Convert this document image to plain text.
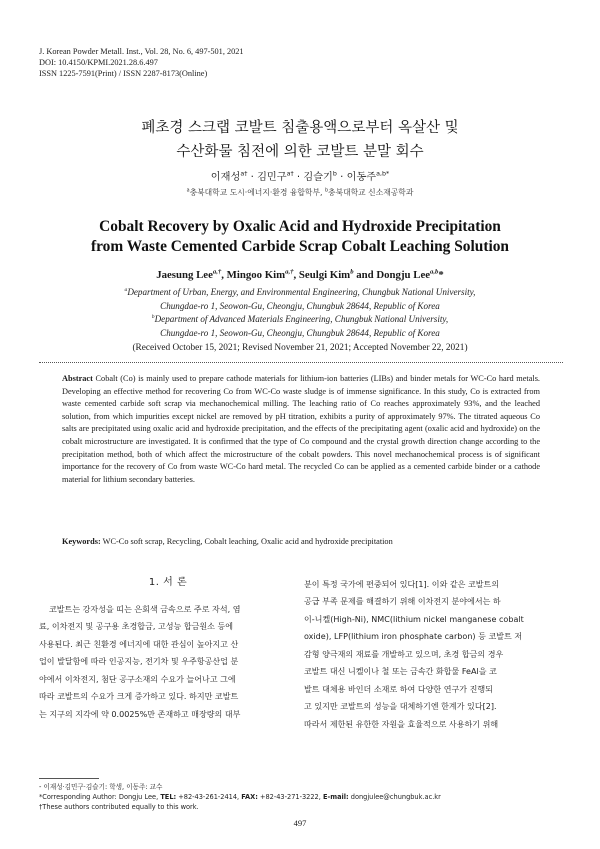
J. Korean Powder Metall. Inst., Vol. 28, No. 6, 497-501, 2021
DOI: 10.4150/KPMI.2021.28.6.497
ISSN 1225-7591(Print) / ISSN 2287-8173(Online)
폐초경 스크랩 코발트 침출용액으로부터 옥살산 및
수산화물 침전에 의한 코발트 분말 회수
이재성$^{a\dagger}$ · 김민구$^{a\dagger}$ · 김슬기$^b$ · 이동주$^{a,b*}$
$^a$충북대학교 도시·에너지·환경 융합학부, $^b$충북대학교 신소재공학과
Cobalt Recovery by Oxalic Acid and Hydroxide Precipitation
from Waste Cemented Carbide Scrap Cobalt Leaching Solution
Jaesung Lee$^{a,\dagger}$, Mingoo Kim$^{a,\dagger}$, Seulgi Kim$^b$ and Dongju Lee$^{a,b}$*
$^a$Department of Urban, Energy, and Environmental Engineering, Chungbuk National University,
Chungdae-ro 1, Seowon-Gu, Cheongju, Chungbuk 28644, Republic of Korea
$^b$Department of Advanced Materials Engineering, Chungbuk National University,
Chungdae-ro 1, Seowon-Gu, Cheongju, Chungbuk 28644, Republic of Korea
(Received October 15, 2021; Revised November 21, 2021; Accepted November 22, 2021)
Abstract Cobalt (Co) is mainly used to prepare cathode materials for lithium-ion batteries (LIBs) and binder metals for WC-Co hard metals. Developing an effective method for recovering Co from WC-Co waste sludge is of immense significance. In this study, Co is extracted from waste cemented carbide soft scrap via mechanochemical milling. The leaching ratio of Co reaches approximately 93%, and the leached solution, from which impurities except nickel are removed by pH titration, exhibits a purity of approximately 97%. The titrated aqueous Co salts are precipitated using oxalic acid and hydroxide precipitation, and the effects of the precipitating agent (oxalic acid and hydroxide) on the cobalt microstructure are investigated. It is confirmed that the type of Co compound and the crystal growth direction change according to the precipitation method, both of which affect the microstructure of the cobalt powders. This novel mechanochemical process is of significant importance for the recovery of Co from waste WC-Co hard metal. The recycled Co can be applied as a cemented carbide binder or a cathode material for lithium secondary batteries.
Keywords: WC-Co soft scrap, Recycling, Cobalt leaching, Oxalic acid and hydroxide precipitation
1. 서 론
코발트는 강자성을 띠는 은회색 금속으로 주로 자석, 염
료, 이차전지 및 공구용 초경합금, 고성능 합금원소 등에
사용된다. 최근 친환경 에너지에 대한 관심이 높아지고 산
업이 발달함에 따라 인공지능, 전기차 및 우주항공산업 분
야에서 이차전지, 첨단 공구소재의 수요가 늘어나고 그에
따라 코발트의 수요가 크게 증가하고 있다. 하지만 코발트
는 지구의 지각에 약 0.0025%만 존재하고 매장량의 대부
분이 특정 국가에 편중되어 있다[1]. 이와 같은 코발트의
공급 부족 문제를 해결하기 위해 이차전지 분야에서는 하
이-니켈(High-Ni), NMC(lithium nickel manganese cobalt
oxide), LFP(lithium iron phosphate carbon) 등 코발트 저
감형 양극재의 재료를 개발하고 있으며, 초경 합금의 경우
코발트 대신 니켈이나 철 또는 금속간 화합물 FeAl을 코
발트 대체용 바인더 소재로 하여 다양한 연구가 진행되
고 있지만 코발트의 성능을 대체하기엔 한계가 있다[2].
따라서 제한된 유한한 자원을 효율적으로 사용하기 위해
- 이재성·김민구·김슬기: 학생, 이동주: 교수
*Corresponding Author: Dongju Lee, TEL: +82-43-261-2414, FAX: +82-43-271-3222, E-mail: dongjulee@chungbuk.ac.kr
†These authors contributed equally to this work.
497
